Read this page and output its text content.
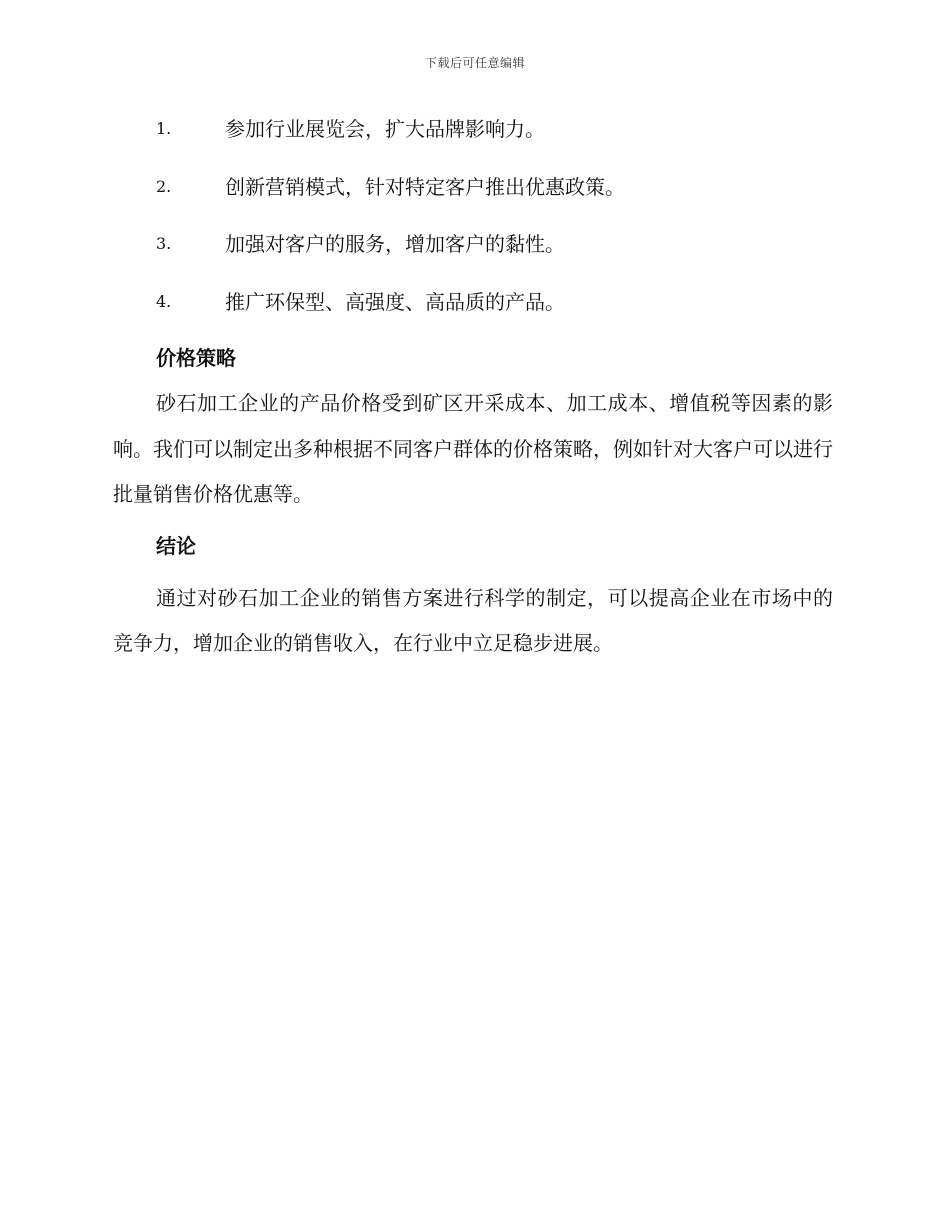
下载后可任意编辑
1.	参加行业展览会，扩大品牌影响力。
2.	创新营销模式，针对特定客户推出优惠政策。
3.	加强对客户的服务，增加客户的黏性。
4.	推广环保型、高强度、高品质的产品。
价格策略

砂石加工企业的产品价格受到矿区开采成本、加工成本、增值税等因素的影响。我们可以制定出多种根据不同客户群体的价格策略，例如针对大客户可以进行批量销售价格优惠等。

结论

通过对砂石加工企业的销售方案进行科学的制定，可以提高企业在市场中的竞争力，增加企业的销售收入，在行业中立足稳步进展。
